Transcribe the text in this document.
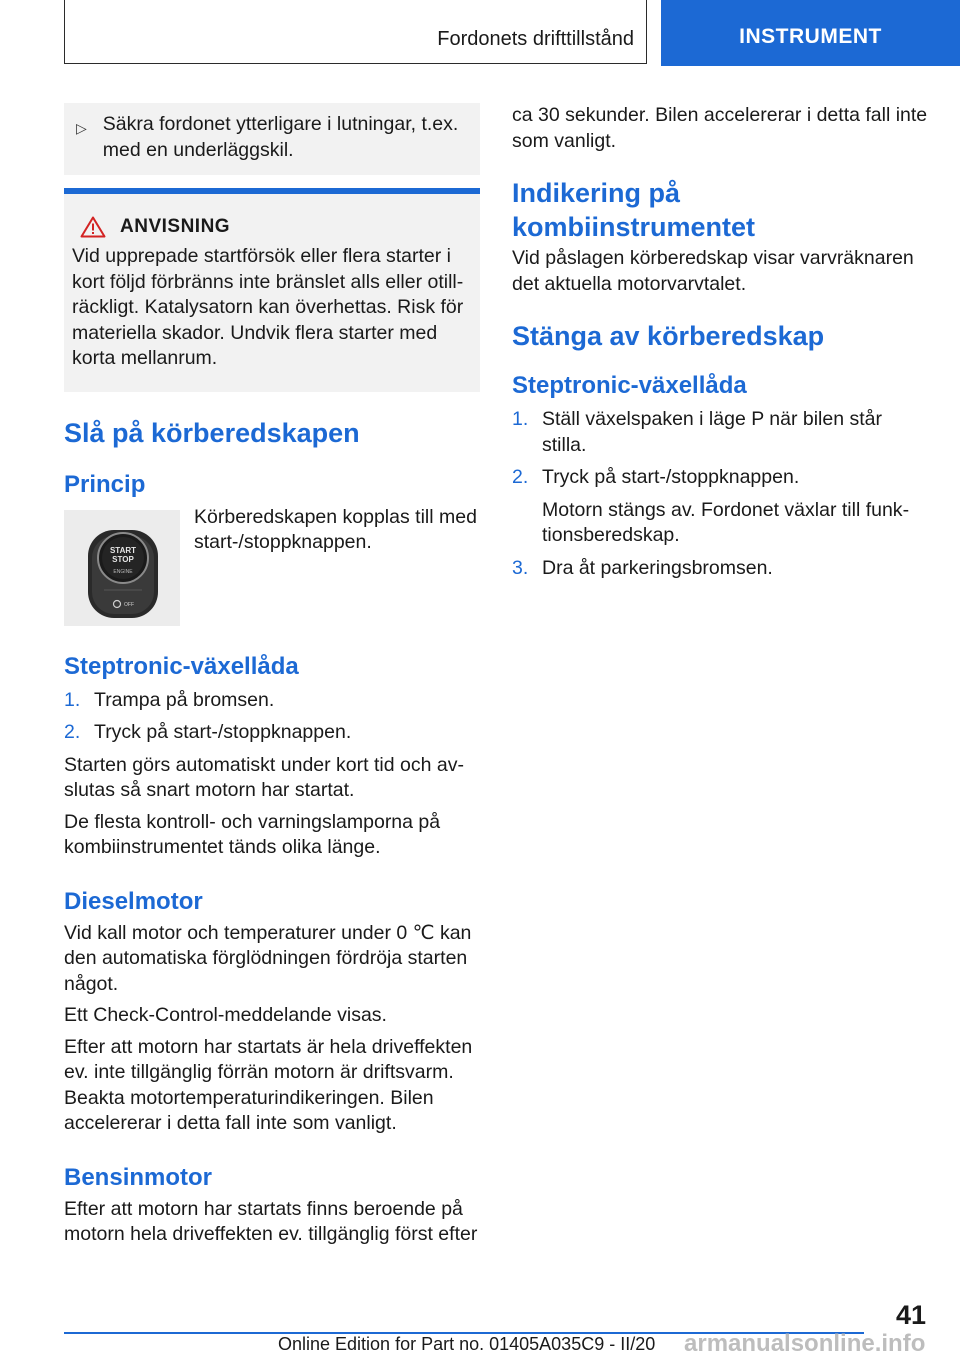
Fordonets drifttillstånd	INSTRUMENT
▷ Säkra fordonet ytterligare i lutningar, t.ex. med en underläggskil.
ANVISNING
Vid upprepade startförsök eller flera starter i kort följd förbränns inte bränslet alls eller otillräckligt. Katalysatorn kan överhettas. Risk för materiella skador. Undvik flera starter med korta mellanrum.
Slå på körberedskapen
Princip
START
STOP
ENGINE
OFF

Körberedskapen kopplas till med start-/stoppknappen.

Steptronic-växellåda
1. Trampa på bromsen.
2. Tryck på start-/stoppknappen.

Starten görs automatiskt under kort tid och avslutas så snart motorn har startat.

De flesta kontroll- och varningslamporna på kombiinstrumentet tänds olika länge.

Dieselmotor

Vid kall motor och temperaturer under 0 ℃ kan den automatiska förglödningen fördröja starten något.

Ett Check-Control-meddelande visas.

Efter att motorn har startats är hela driveffekten ev. inte tillgänglig förrän motorn är driftsvarm. Beakta motortemperaturindikeringen. Bilen accelererar i detta fall inte som vanligt.

Bensinmotor

Efter att motorn har startats finns beroende på motorn hela driveffekten ev. tillgänglig först efter

ca 30 sekunder. Bilen accelererar i detta fall inte som vanligt.

Indikering på kombiinstrumentet

Vid påslagen körberedskap visar varvräknaren det aktuella motorvarvtalet.

Stänga av körberedskap
Steptronic-växellåda
1. Ställ växelspaken i läge P när bilen står stilla.
2. Tryck på start-/stoppknappen.
Motorn stängs av. Fordonet växlar till funktionsberedskap.
3. Dra åt parkeringsbromsen.
41
Online Edition for Part no. 01405A035C9 - II/20 armanualsonline.info
